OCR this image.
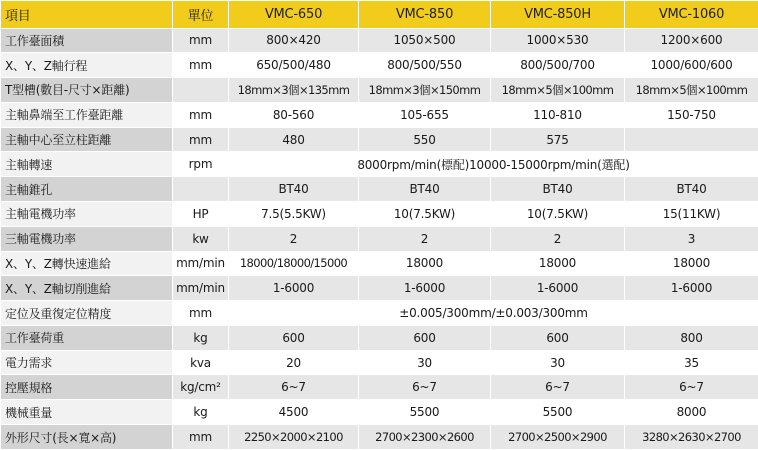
項目	單位	VMC-650	VMC-850	VMC-850H	VMC-1060
工作臺面積	mm	800×420	1050×500	1000×530	1200×600
X、Y、Z軸行程	mm	650/500/480	800/500/550	800/500/700	1000/600/600
T型槽(數目-尺寸×距離)		18mm×3個×135mm	18mm×3個×150mm	18mm×5個×100mm	18mm×5個×100mm
主軸鼻端至工作臺距離	mm	80-560	105-655	110-810	150-750
主軸中心至立柱距離	mm	480	550	575	
主軸轉速	rpm	8000rpm/min(標配)10000-15000rpm/min(選配)			
主軸錐孔		BT40	BT40	BT40	BT40
主軸電機功率	HP	7.5(5.5KW)	10(7.5KW)	10(7.5KW)	15(11KW)
三軸電機功率	kw	2	2	2	3
X、Y、Z轉快速進給	mm/min	18000/18000/15000	18000	18000	18000
X、Y、Z軸切削進給	mm/min	1-6000	1-6000	1-6000	1-6000
定位及重復定位精度	mm	±0.005/300mm/±0.003/300mm			
工作臺荷重	kg	600	600	600	800
電力需求	kva	20	30	30	35
控壓規格	kg/cm²	6~7	6~7	6~7	6~7
機械重量	kg	4500	5500	5500	8000
外形尺寸(長×寬×高)	mm	2250×2000×2100	2700×2300×2600	2700×2500×2900	3280×2630×2700
